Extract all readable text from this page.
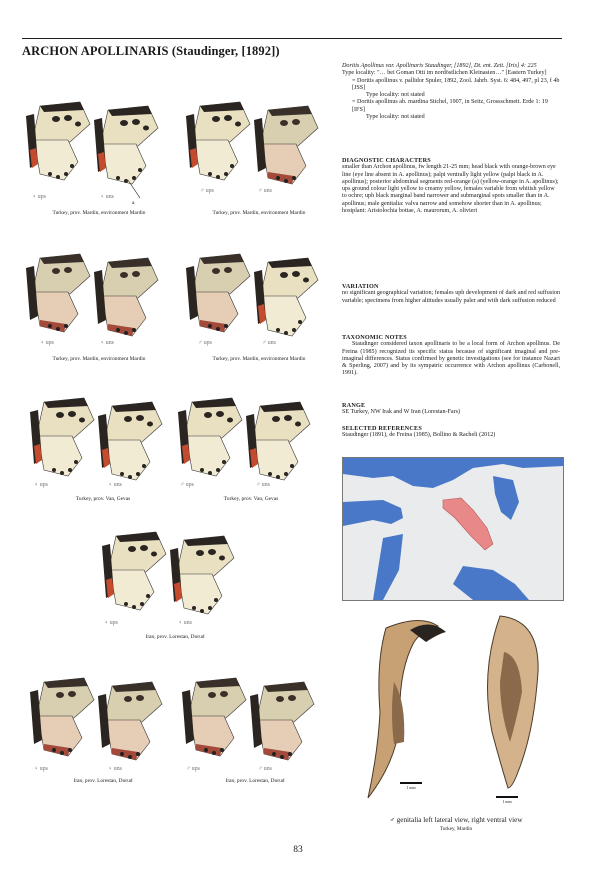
ARCHON APOLLINARIS (Staudinger, [1892])
♀ ups	♀ uns
a
Turkey, prov. Mardin, environment Mardin
♂ ups	♂ uns
Turkey, prov. Mardin, environment Mardin
♀ ups	♀ uns
Turkey, prov. Mardin, environment Mardin
♂ ups	♂ uns
Turkey, prov. Mardin, environment Mardin
♀ ups	♀ uns
Turkey, prov. Van, Gevas
♂ ups	♂ uns
Turkey, prov. Van, Gevas
♀ ups	♀ uns
Iran, prov. Lorestan, Dorud
♀ ups	♀ uns
Iran, prov. Lorestan, Dorud
♂ ups	♂ uns
Iran, prov. Lorestan, Dorud

Doritis Apollinus var. Apollinaris Staudinger, [1892], Dt. ent. Zeit. [Iris] 4: 225

Type locality: "… bei Goman Otti im nordöstlichen Kleinasien…" [Eastern Turkey]

= Doritis apollinus v. pallidor Spuler, 1892, Zool. Jahrb. Syst. 6: 484, 497, pl 23, f 4b [JSS]

Type locality: not stated

= Doritis apollinus ab. mardina Stichel, 1907, in Seitz, Grossschmett. Erde 1: 19 [IFS]

Type locality: not stated

DIAGNOSTIC CHARACTERS

smaller than Archon apollinus, fw length 21-25 mm; head black with orange-brown eye line (eye line absent in A. apollinus); palpi ventrally light yellow (palpi black in A. apollinus); posterior abdominal segments red-orange (a) (yellow-orange in A. apollinus); ups ground colour light yellow to creamy yellow, females variable from whitish yellow to ochre; uph black marginal band narrower and submarginal spots smaller than in A. apollinus; male genitalia: valva narrow and somehow shorter than in A. apollinus; hostplant: Aristolochia bottae, A. maurorum, A. olivieri

VARIATION

no significant geographical variation; females uph development of dark and red suffusion variable; specimens from higher altitudes usually paler and with dark suffusion reduced

TAXONOMIC NOTES

Staudinger considered taxon apollinaris to be a local form of Archon apollinus. De Freina (1985) recognized its specific status because of significant imaginal and pre-imaginal differences. Status confirmed by genetic investigations (see for instance Nazari & Sperling, 2007) and by its sympatric occurrence with Archon apollinus (Carbonell, 1991).

RANGE

SE Turkey, NW Irak and W Iran (Lorestan-Fars)

SELECTED REFERENCES

Staudinger (1891), de Freina (1985), Bollino & Racheli (2012)

1 mm
1 mm
♂ genitalia left lateral view, right ventral view
Turkey, Mardin
83
